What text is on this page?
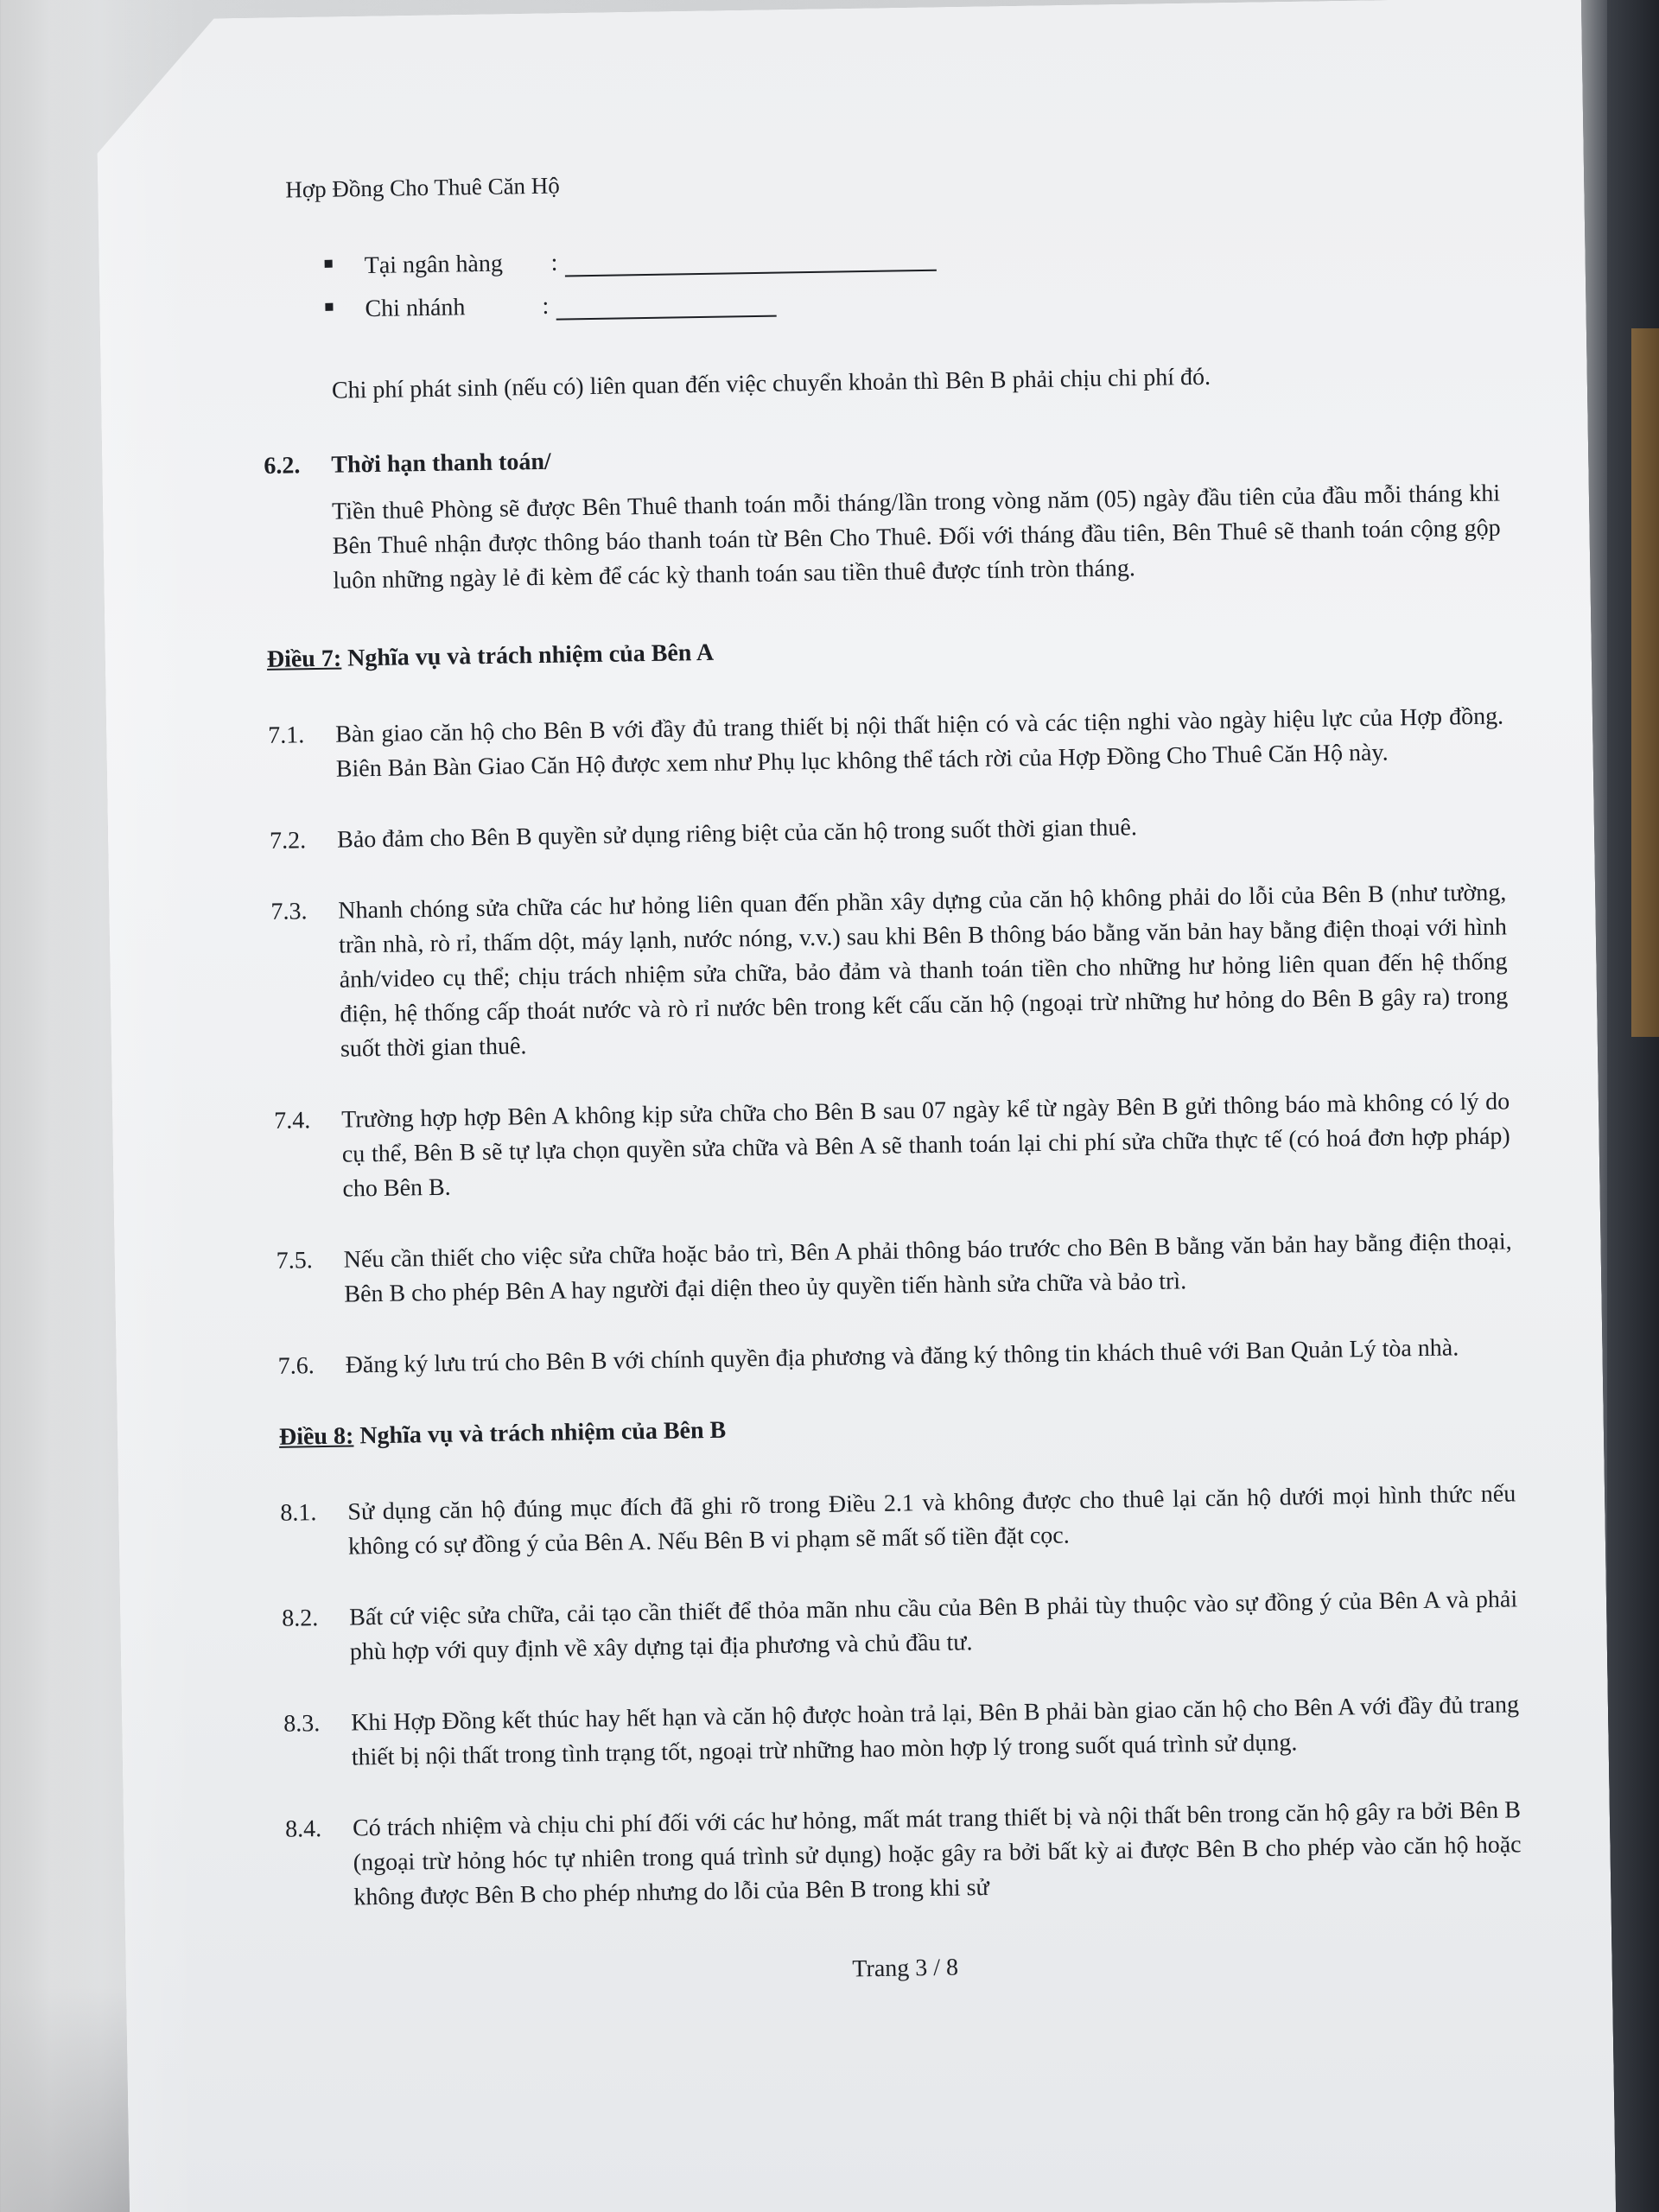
Hợp Đồng Cho Thuê Căn Hộ
Tại ngân hàng	:
Chi nhánh	:
Chi phí phát sinh (nếu có) liên quan đến việc chuyển khoản thì Bên B phải chịu chi phí đó.
6.2.	Thời hạn thanh toán/
Tiền thuê Phòng sẽ được Bên Thuê thanh toán mỗi tháng/lần trong vòng năm (05) ngày đầu tiên của đầu mỗi tháng khi Bên Thuê nhận được thông báo thanh toán từ Bên Cho Thuê. Đối với tháng đầu tiên, Bên Thuê sẽ thanh toán cộng gộp luôn những ngày lẻ đi kèm để các kỳ thanh toán sau tiền thuê được tính tròn tháng.
Điều 7: Nghĩa vụ và trách nhiệm của Bên A
7.1.	Bàn giao căn hộ cho Bên B với đầy đủ trang thiết bị nội thất hiện có và các tiện nghi vào ngày hiệu lực của Hợp đồng. Biên Bản Bàn Giao Căn Hộ được xem như Phụ lục không thể tách rời của Hợp Đồng Cho Thuê Căn Hộ này.
7.2.	Bảo đảm cho Bên B quyền sử dụng riêng biệt của căn hộ trong suốt thời gian thuê.
7.3.	Nhanh chóng sửa chữa các hư hỏng liên quan đến phần xây dựng của căn hộ không phải do lỗi của Bên B (như tường, trần nhà, rò rỉ, thấm dột, máy lạnh, nước nóng, v.v.) sau khi Bên B thông báo bằng văn bản hay bằng điện thoại với hình ảnh/video cụ thể; chịu trách nhiệm sửa chữa, bảo đảm và thanh toán tiền cho những hư hỏng liên quan đến hệ thống điện, hệ thống cấp thoát nước và rò rỉ nước bên trong kết cấu căn hộ (ngoại trừ những hư hỏng do Bên B gây ra) trong suốt thời gian thuê.
7.4.	Trường hợp hợp Bên A không kịp sửa chữa cho Bên B sau 07 ngày kể từ ngày Bên B gửi thông báo mà không có lý do cụ thể, Bên B sẽ tự lựa chọn quyền sửa chữa và Bên A sẽ thanh toán lại chi phí sửa chữa thực tế (có hoá đơn hợp pháp) cho Bên B.
7.5.	Nếu cần thiết cho việc sửa chữa hoặc bảo trì, Bên A phải thông báo trước cho Bên B bằng văn bản hay bằng điện thoại, Bên B cho phép Bên A hay người đại diện theo ủy quyền tiến hành sửa chữa và bảo trì.
7.6.	Đăng ký lưu trú cho Bên B với chính quyền địa phương và đăng ký thông tin khách thuê với Ban Quản Lý tòa nhà.
Điều 8: Nghĩa vụ và trách nhiệm của Bên B
8.1.	Sử dụng căn hộ đúng mục đích đã ghi rõ trong Điều 2.1 và không được cho thuê lại căn hộ dưới mọi hình thức nếu không có sự đồng ý của Bên A. Nếu Bên B vi phạm sẽ mất số tiền đặt cọc.
8.2.	Bất cứ việc sửa chữa, cải tạo cần thiết để thỏa mãn nhu cầu của Bên B phải tùy thuộc vào sự đồng ý của Bên A và phải phù hợp với quy định về xây dựng tại địa phương và chủ đầu tư.
8.3.	Khi Hợp Đồng kết thúc hay hết hạn và căn hộ được hoàn trả lại, Bên B phải bàn giao căn hộ cho Bên A với đầy đủ trang thiết bị nội thất trong tình trạng tốt, ngoại trừ những hao mòn hợp lý trong suốt quá trình sử dụng.
8.4.	Có trách nhiệm và chịu chi phí đối với các hư hỏng, mất mát trang thiết bị và nội thất bên trong căn hộ gây ra bởi Bên B (ngoại trừ hỏng hóc tự nhiên trong quá trình sử dụng) hoặc gây ra bởi bất kỳ ai được Bên B cho phép vào căn hộ hoặc không được Bên B cho phép nhưng do lỗi của Bên B trong khi sử
Trang 3 / 8
